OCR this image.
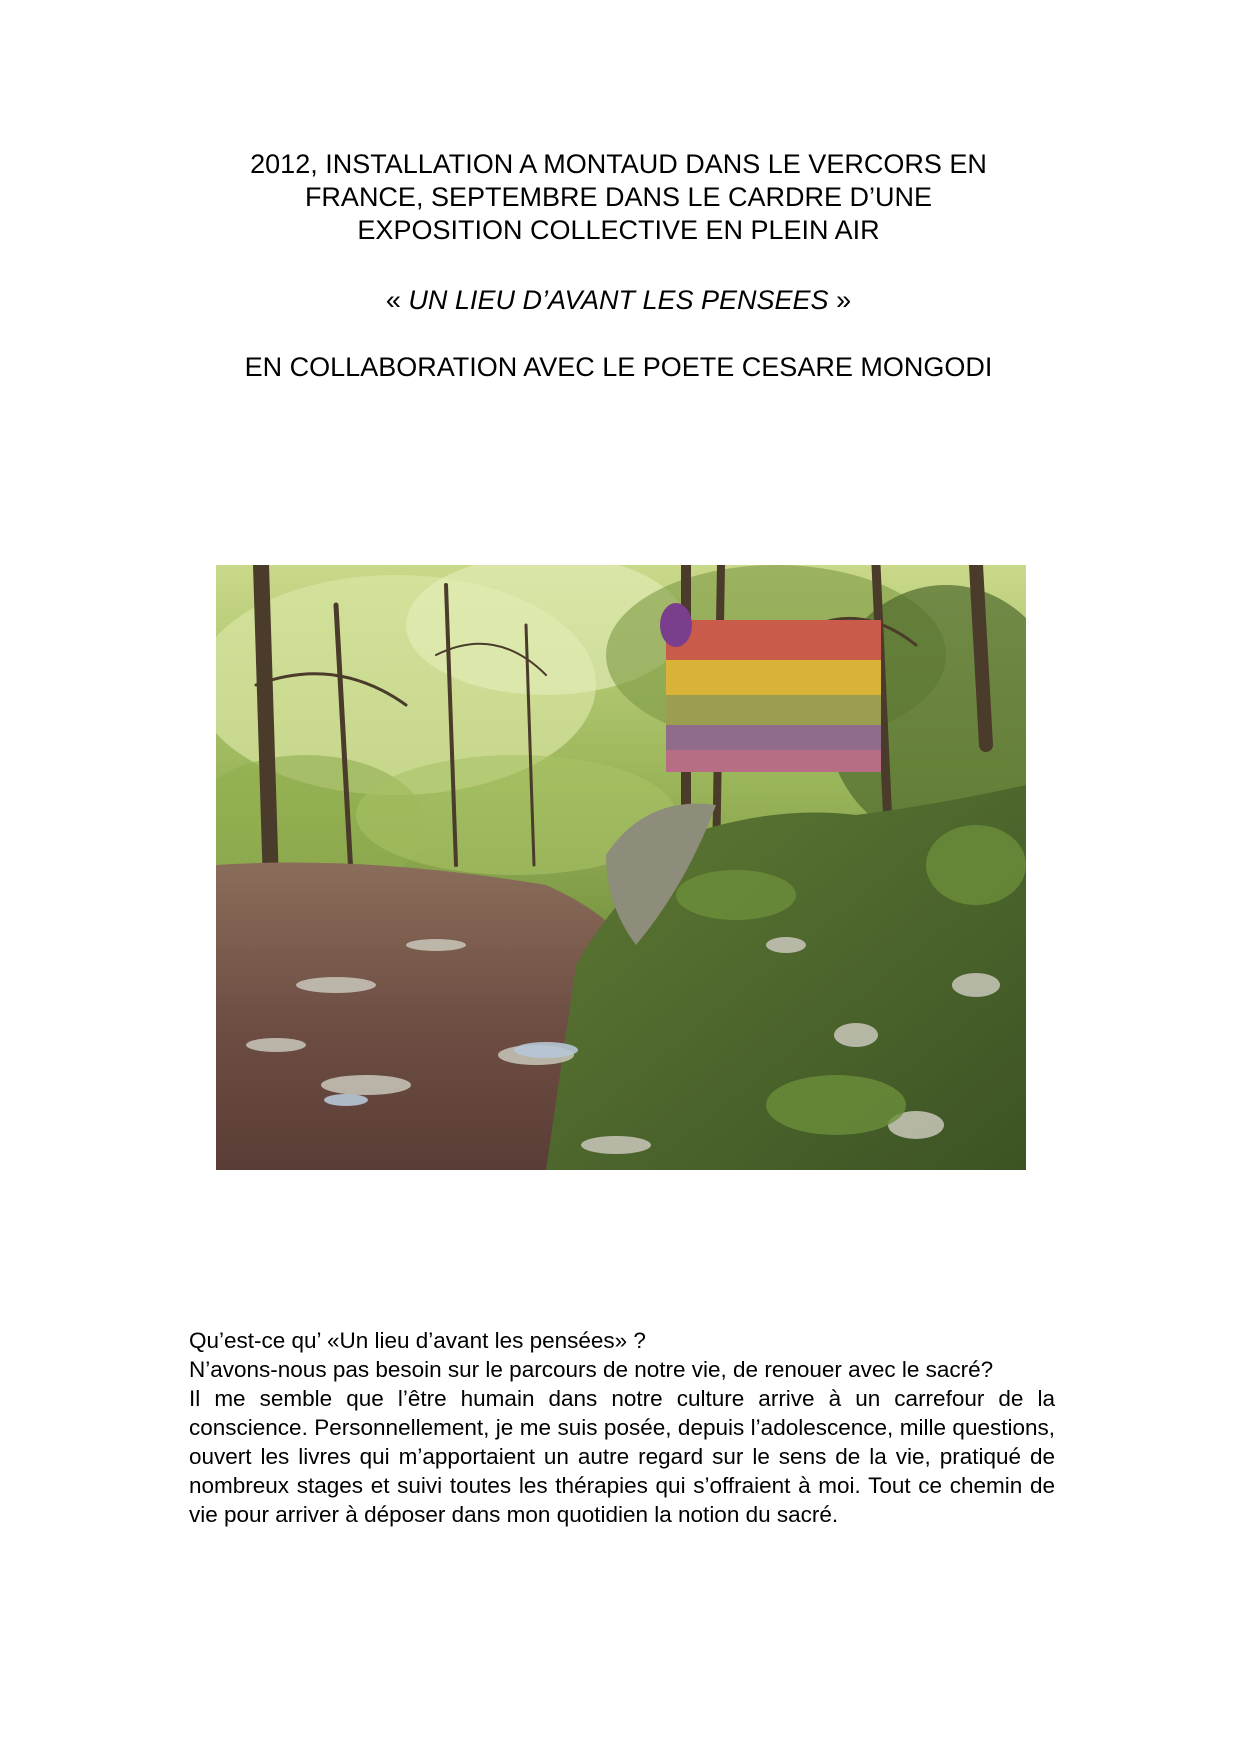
2012, INSTALLATION A MONTAUD DANS LE VERCORS EN
FRANCE, SEPTEMBRE DANS LE CARDRE D’UNE
EXPOSITION COLLECTIVE EN PLEIN AIR
« UN LIEU D’AVANT LES PENSEES »
EN COLLABORATION AVEC LE POETE CESARE MONGODI

Qu’est-ce qu’ «Un lieu d’avant les pensées» ?

N’avons-nous pas besoin sur le parcours de notre vie, de renouer avec le sacré?

Il me semble que l’être humain dans notre culture arrive à un carrefour de la conscience. Personnellement, je me suis posée, depuis l’adolescence, mille questions, ouvert les livres qui m’apportaient un autre regard sur le sens de la vie, pratiqué de nombreux stages et suivi toutes les thérapies qui s’offraient à moi. Tout ce chemin de vie pour arriver à déposer dans mon quotidien la notion du sacré.
